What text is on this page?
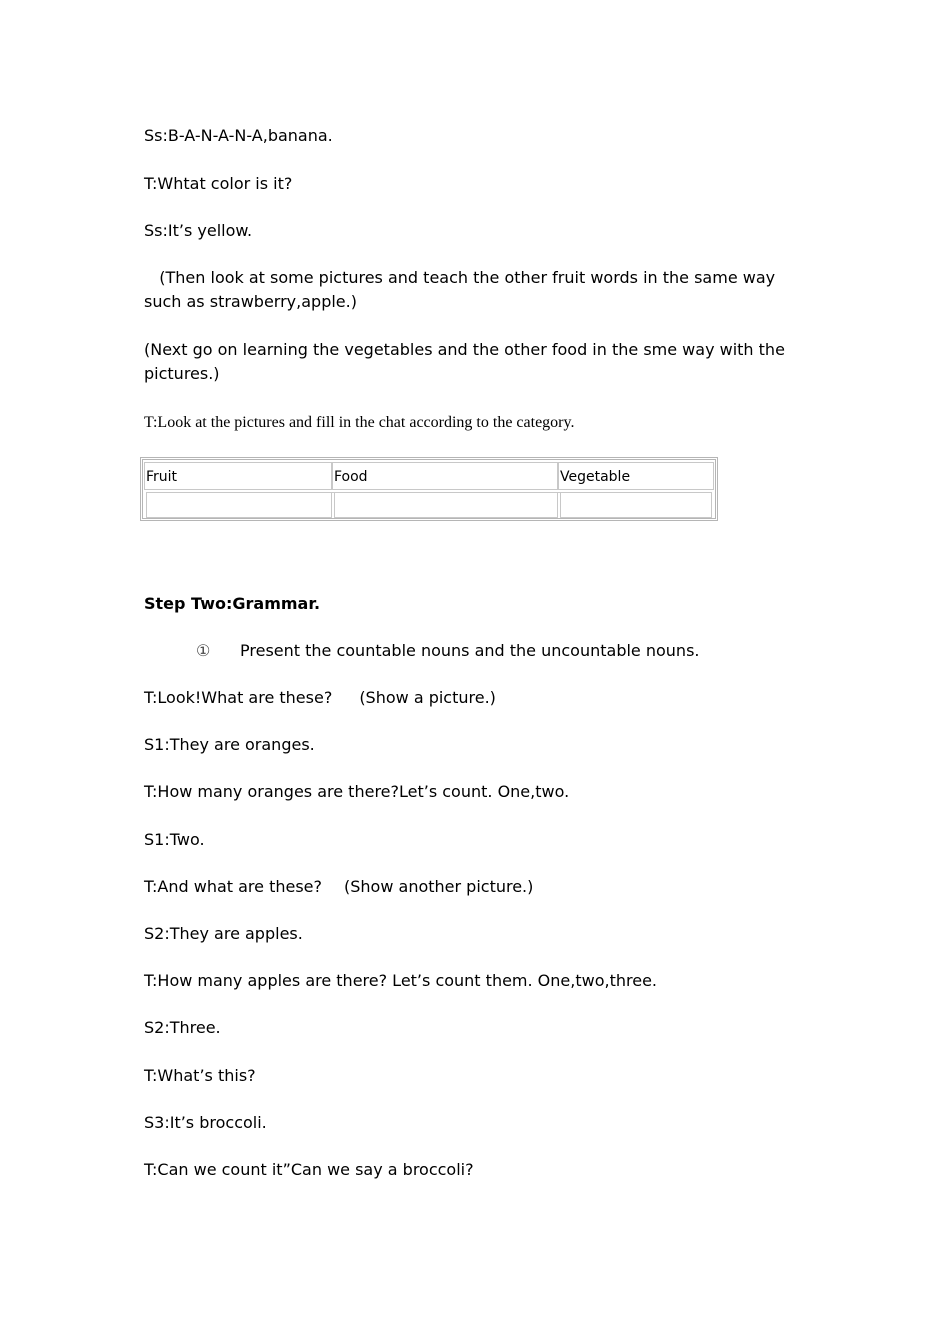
Ss:B-A-N-A-N-A,banana.
T:Whtat color is it?
Ss:It’s yellow.
(Then look at some pictures and teach the other fruit words in the same way such as strawberry,apple.)
(Next go on learning the vegetables and the other food in the sme way with the pictures.)
T:Look at the pictures and fill in the chat according to the category.
Fruit	Food	Vegetable
Step Two:Grammar.
① Present the countable nouns and the uncountable nouns.
T:Look!What are these? (Show a picture.)
S1:They are oranges.
T:How many oranges are there?Let’s count. One,two.
S1:Two.
T:And what are these? (Show another picture.)
S2:They are apples.
T:How many apples are there? Let’s count them. One,two,three.
S2:Three.
T:What’s this?
S3:It’s broccoli.
T:Can we count it”Can we say a broccoli?
